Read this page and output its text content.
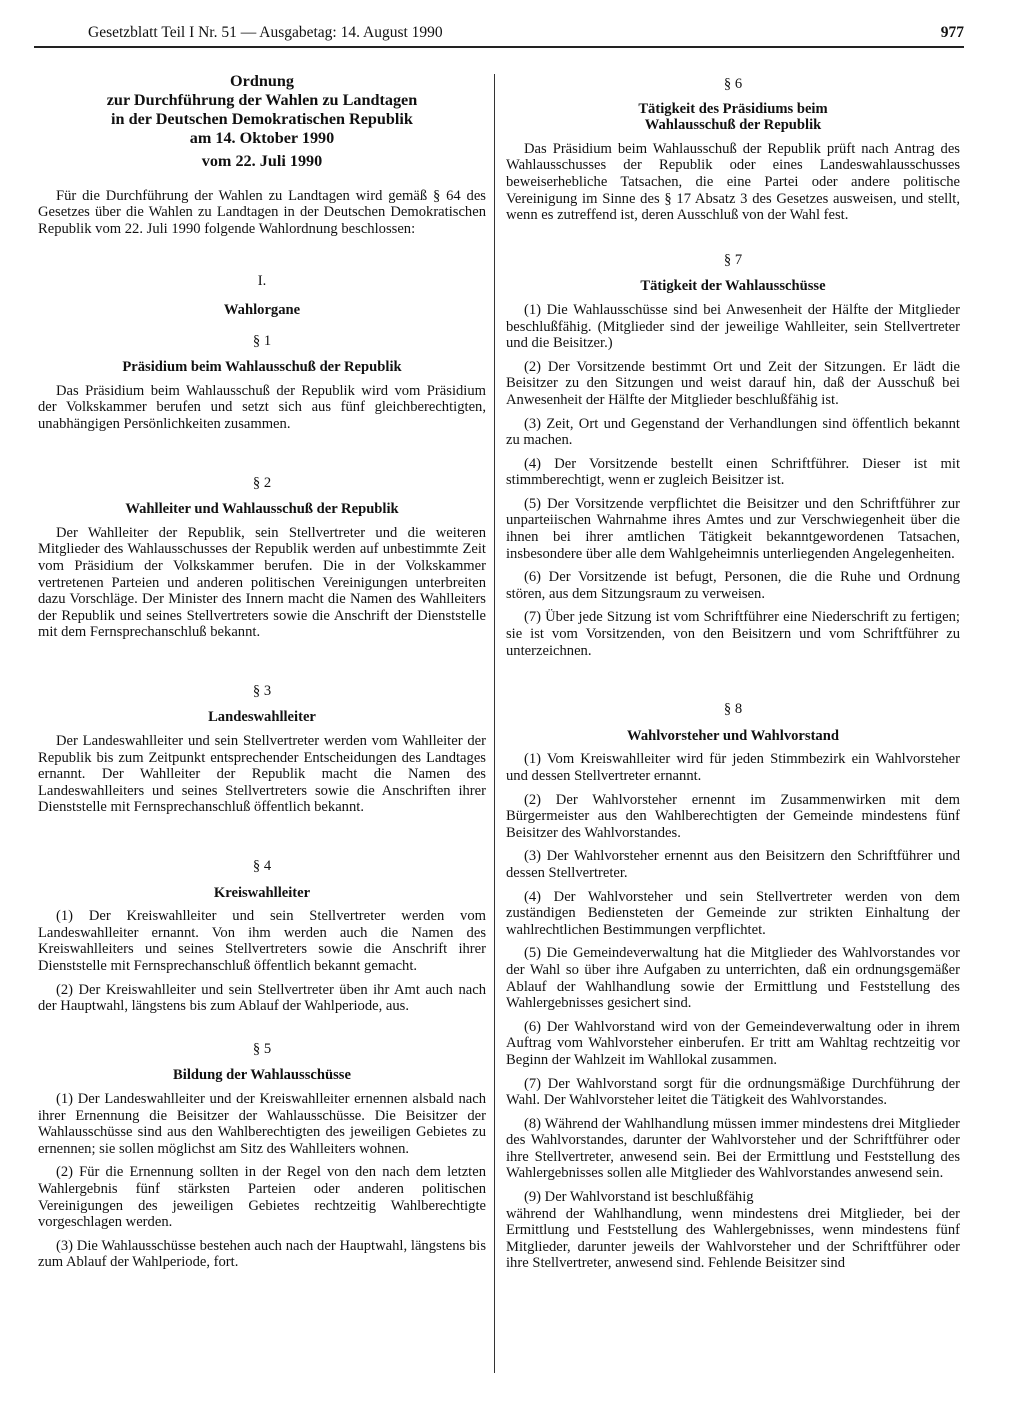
Gesetzblatt Teil I Nr. 51 — Ausgabetag: 14. August 1990	977
Ordnung
zur Durchführung der Wahlen zu Landtagen
in der Deutschen Demokratischen Republik
am 14. Oktober 1990
vom 22. Juli 1990

Für die Durchführung der Wahlen zu Landtagen wird gemäß § 64 des Gesetzes über die Wahlen zu Landtagen in der Deutschen Demokratischen Republik vom 22. Juli 1990 folgende Wahlordnung beschlossen:

I.
Wahlorgane
§ 1
Präsidium beim Wahlausschuß der Republik

Das Präsidium beim Wahlausschuß der Republik wird vom Präsidium der Volkskammer berufen und setzt sich aus fünf gleichberechtigten, unabhängigen Persönlichkeiten zusammen.

§ 2
Wahlleiter und Wahlausschuß der Republik

Der Wahlleiter der Republik, sein Stellvertreter und die weiteren Mitglieder des Wahlausschusses der Republik werden auf unbestimmte Zeit vom Präsidium der Volkskammer berufen. Die in der Volkskammer vertretenen Parteien und anderen politischen Vereinigungen unterbreiten dazu Vorschläge. Der Minister des Innern macht die Namen des Wahlleiters der Republik und seines Stellvertreters sowie die Anschrift der Dienststelle mit dem Fernsprechanschluß bekannt.

§ 3
Landeswahlleiter

Der Landeswahlleiter und sein Stellvertreter werden vom Wahlleiter der Republik bis zum Zeitpunkt entsprechender Entscheidungen des Landtages ernannt. Der Wahlleiter der Republik macht die Namen des Landeswahlleiters und seines Stellvertreters sowie die Anschriften ihrer Dienststelle mit Fernsprechanschluß öffentlich bekannt.

§ 4
Kreiswahlleiter

(1) Der Kreiswahlleiter und sein Stellvertreter werden vom Landeswahlleiter ernannt. Von ihm werden auch die Namen des Kreiswahlleiters und seines Stellvertreters sowie die Anschrift ihrer Dienststelle mit Fernsprechanschluß öffentlich bekannt gemacht.

(2) Der Kreiswahlleiter und sein Stellvertreter üben ihr Amt auch nach der Hauptwahl, längstens bis zum Ablauf der Wahlperiode, aus.

§ 5
Bildung der Wahlausschüsse

(1) Der Landeswahlleiter und der Kreiswahlleiter ernennen alsbald nach ihrer Ernennung die Beisitzer der Wahlausschüsse. Die Beisitzer der Wahlausschüsse sind aus den Wahlberechtigten des jeweiligen Gebietes zu ernennen; sie sollen möglichst am Sitz des Wahlleiters wohnen.

(2) Für die Ernennung sollten in der Regel von den nach dem letzten Wahlergebnis fünf stärksten Parteien oder anderen politischen Vereinigungen des jeweiligen Gebietes rechtzeitig Wahlberechtigte vorgeschlagen werden.

(3) Die Wahlausschüsse bestehen auch nach der Hauptwahl, längstens bis zum Ablauf der Wahlperiode, fort.

§ 6
Tätigkeit des Präsidiums beim
Wahlausschuß der Republik

Das Präsidium beim Wahlausschuß der Republik prüft nach Antrag des Wahlausschusses der Republik oder eines Landeswahlausschusses beweiserhebliche Tatsachen, die eine Partei oder andere politische Vereinigung im Sinne des § 17 Absatz 3 des Gesetzes ausweisen, und stellt, wenn es zutreffend ist, deren Ausschluß von der Wahl fest.

§ 7
Tätigkeit der Wahlausschüsse

(1) Die Wahlausschüsse sind bei Anwesenheit der Hälfte der Mitglieder beschlußfähig. (Mitglieder sind der jeweilige Wahlleiter, sein Stellvertreter und die Beisitzer.)

(2) Der Vorsitzende bestimmt Ort und Zeit der Sitzungen. Er lädt die Beisitzer zu den Sitzungen und weist darauf hin, daß der Ausschuß bei Anwesenheit der Hälfte der Mitglieder beschlußfähig ist.

(3) Zeit, Ort und Gegenstand der Verhandlungen sind öffentlich bekannt zu machen.

(4) Der Vorsitzende bestellt einen Schriftführer. Dieser ist mit stimmberechtigt, wenn er zugleich Beisitzer ist.

(5) Der Vorsitzende verpflichtet die Beisitzer und den Schriftführer zur unparteiischen Wahrnahme ihres Amtes und zur Verschwiegenheit über die ihnen bei ihrer amtlichen Tätigkeit bekanntgewordenen Tatsachen, insbesondere über alle dem Wahlgeheimnis unterliegenden Angelegenheiten.

(6) Der Vorsitzende ist befugt, Personen, die die Ruhe und Ordnung stören, aus dem Sitzungsraum zu verweisen.

(7) Über jede Sitzung ist vom Schriftführer eine Niederschrift zu fertigen; sie ist vom Vorsitzenden, von den Beisitzern und vom Schriftführer zu unterzeichnen.

§ 8
Wahlvorsteher und Wahlvorstand

(1) Vom Kreiswahlleiter wird für jeden Stimmbezirk ein Wahlvorsteher und dessen Stellvertreter ernannt.

(2) Der Wahlvorsteher ernennt im Zusammenwirken mit dem Bürgermeister aus den Wahlberechtigten der Gemeinde mindestens fünf Beisitzer des Wahlvorstandes.

(3) Der Wahlvorsteher ernennt aus den Beisitzern den Schriftführer und dessen Stellvertreter.

(4) Der Wahlvorsteher und sein Stellvertreter werden von dem zuständigen Bediensteten der Gemeinde zur strikten Einhaltung der wahlrechtlichen Bestimmungen verpflichtet.

(5) Die Gemeindeverwaltung hat die Mitglieder des Wahlvorstandes vor der Wahl so über ihre Aufgaben zu unterrichten, daß ein ordnungsgemäßer Ablauf der Wahlhandlung sowie der Ermittlung und Feststellung des Wahlergebnisses gesichert sind.

(6) Der Wahlvorstand wird von der Gemeindeverwaltung oder in ihrem Auftrag vom Wahlvorsteher einberufen. Er tritt am Wahltag rechtzeitig vor Beginn der Wahlzeit im Wahllokal zusammen.

(7) Der Wahlvorstand sorgt für die ordnungsmäßige Durchführung der Wahl. Der Wahlvorsteher leitet die Tätigkeit des Wahlvorstandes.

(8) Während der Wahlhandlung müssen immer mindestens drei Mitglieder des Wahlvorstandes, darunter der Wahlvorsteher und der Schriftführer oder ihre Stellvertreter, anwesend sein. Bei der Ermittlung und Feststellung des Wahlergebnisses sollen alle Mitglieder des Wahlvorstandes anwesend sein.

(9) Der Wahlvorstand ist beschlußfähig

während der Wahlhandlung, wenn mindestens drei Mitglieder, bei der Ermittlung und Feststellung des Wahlergebnisses, wenn mindestens fünf Mitglieder, darunter jeweils der Wahlvorsteher und der Schriftführer oder ihre Stellvertreter, anwesend sind. Fehlende Beisitzer sind
